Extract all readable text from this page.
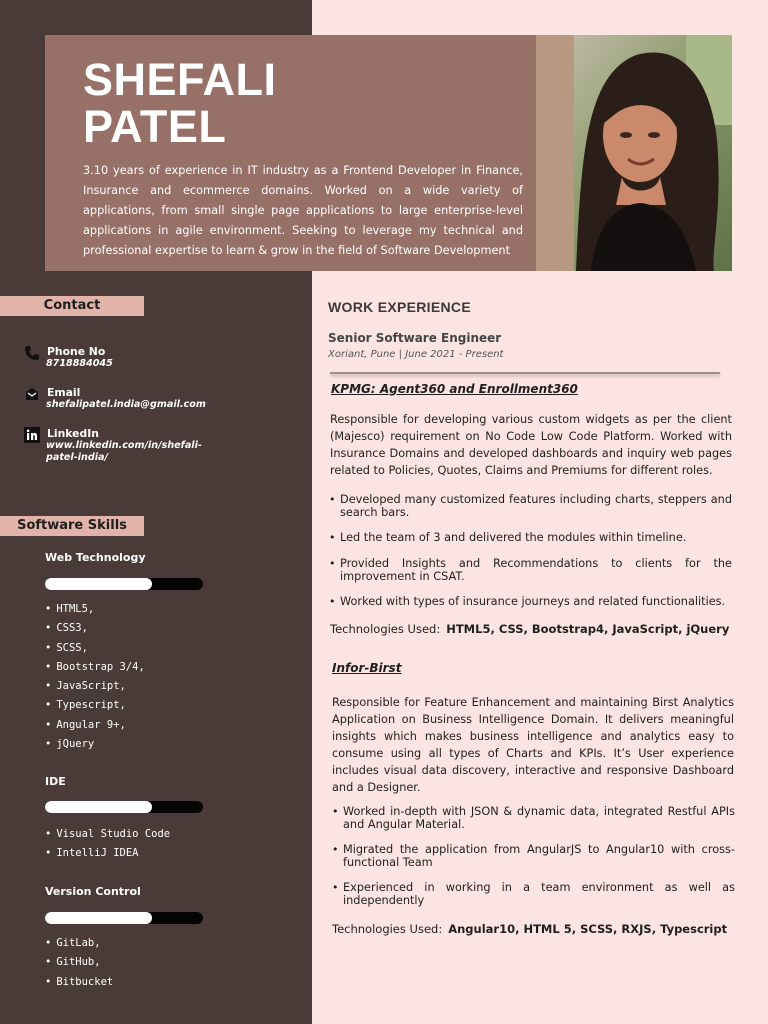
SHEFALI
PATEL
3.10 years of experience in IT industry as a Frontend Developer in Finance, Insurance and ecommerce domains. Worked on a wide variety of applications, from small single page applications to large enterprise-level applications in agile environment. Seeking to leverage my technical and professional expertise to learn & grow in the field of Software Development
Contact
Phone No
8718884045
Email
shefalipatel.india@gmail.com
LinkedIn
www.linkedin.com/in/shefali-
patel-india/
Software Skills
Web Technology
• HTML5,
• CSS3,
• SCSS,
• Bootstrap 3/4,
• JavaScript,
• Typescript,
• Angular 9+,
• jQuery
IDE
• Visual Studio Code
• IntelliJ IDEA
Version Control
• GitLab,
• GitHub,
• Bitbucket
WORK EXPERIENCE
Senior Software Engineer
Xoriant, Pune | June 2021 - Present
KPMG: Agent360 and Enrollment360

Responsible for developing various custom widgets as per the client (Majesco) requirement on No Code Low Code Platform. Worked with Insurance Domains and developed dashboards and inquiry web pages related to Policies, Quotes, Claims and Premiums for different roles.

• Developed many customized features including charts, steppers and search bars.

• Led the team of 3 and delivered the modules within timeline.

• Provided Insights and Recommendations to clients for the improvement in CSAT.

• Worked with types of insurance journeys and related functionalities.

Technologies Used: HTML5, CSS, Bootstrap4, JavaScript, jQuery
Infor-Birst

Responsible for Feature Enhancement and maintaining Birst Analytics Application on Business Intelligence Domain. It delivers meaningful insights which makes business intelligence and analytics easy to consume using all types of Charts and KPIs. It’s User experience includes visual data discovery, interactive and responsive Dashboard and a Designer.

• Worked in-depth with JSON & dynamic data, integrated Restful APIs and Angular Material.

• Migrated the application from AngularJS to Angular10 with cross-functional Team

• Experienced in working in a team environment as well as independently

Technologies Used: Angular10, HTML 5, SCSS, RXJS, Typescript
